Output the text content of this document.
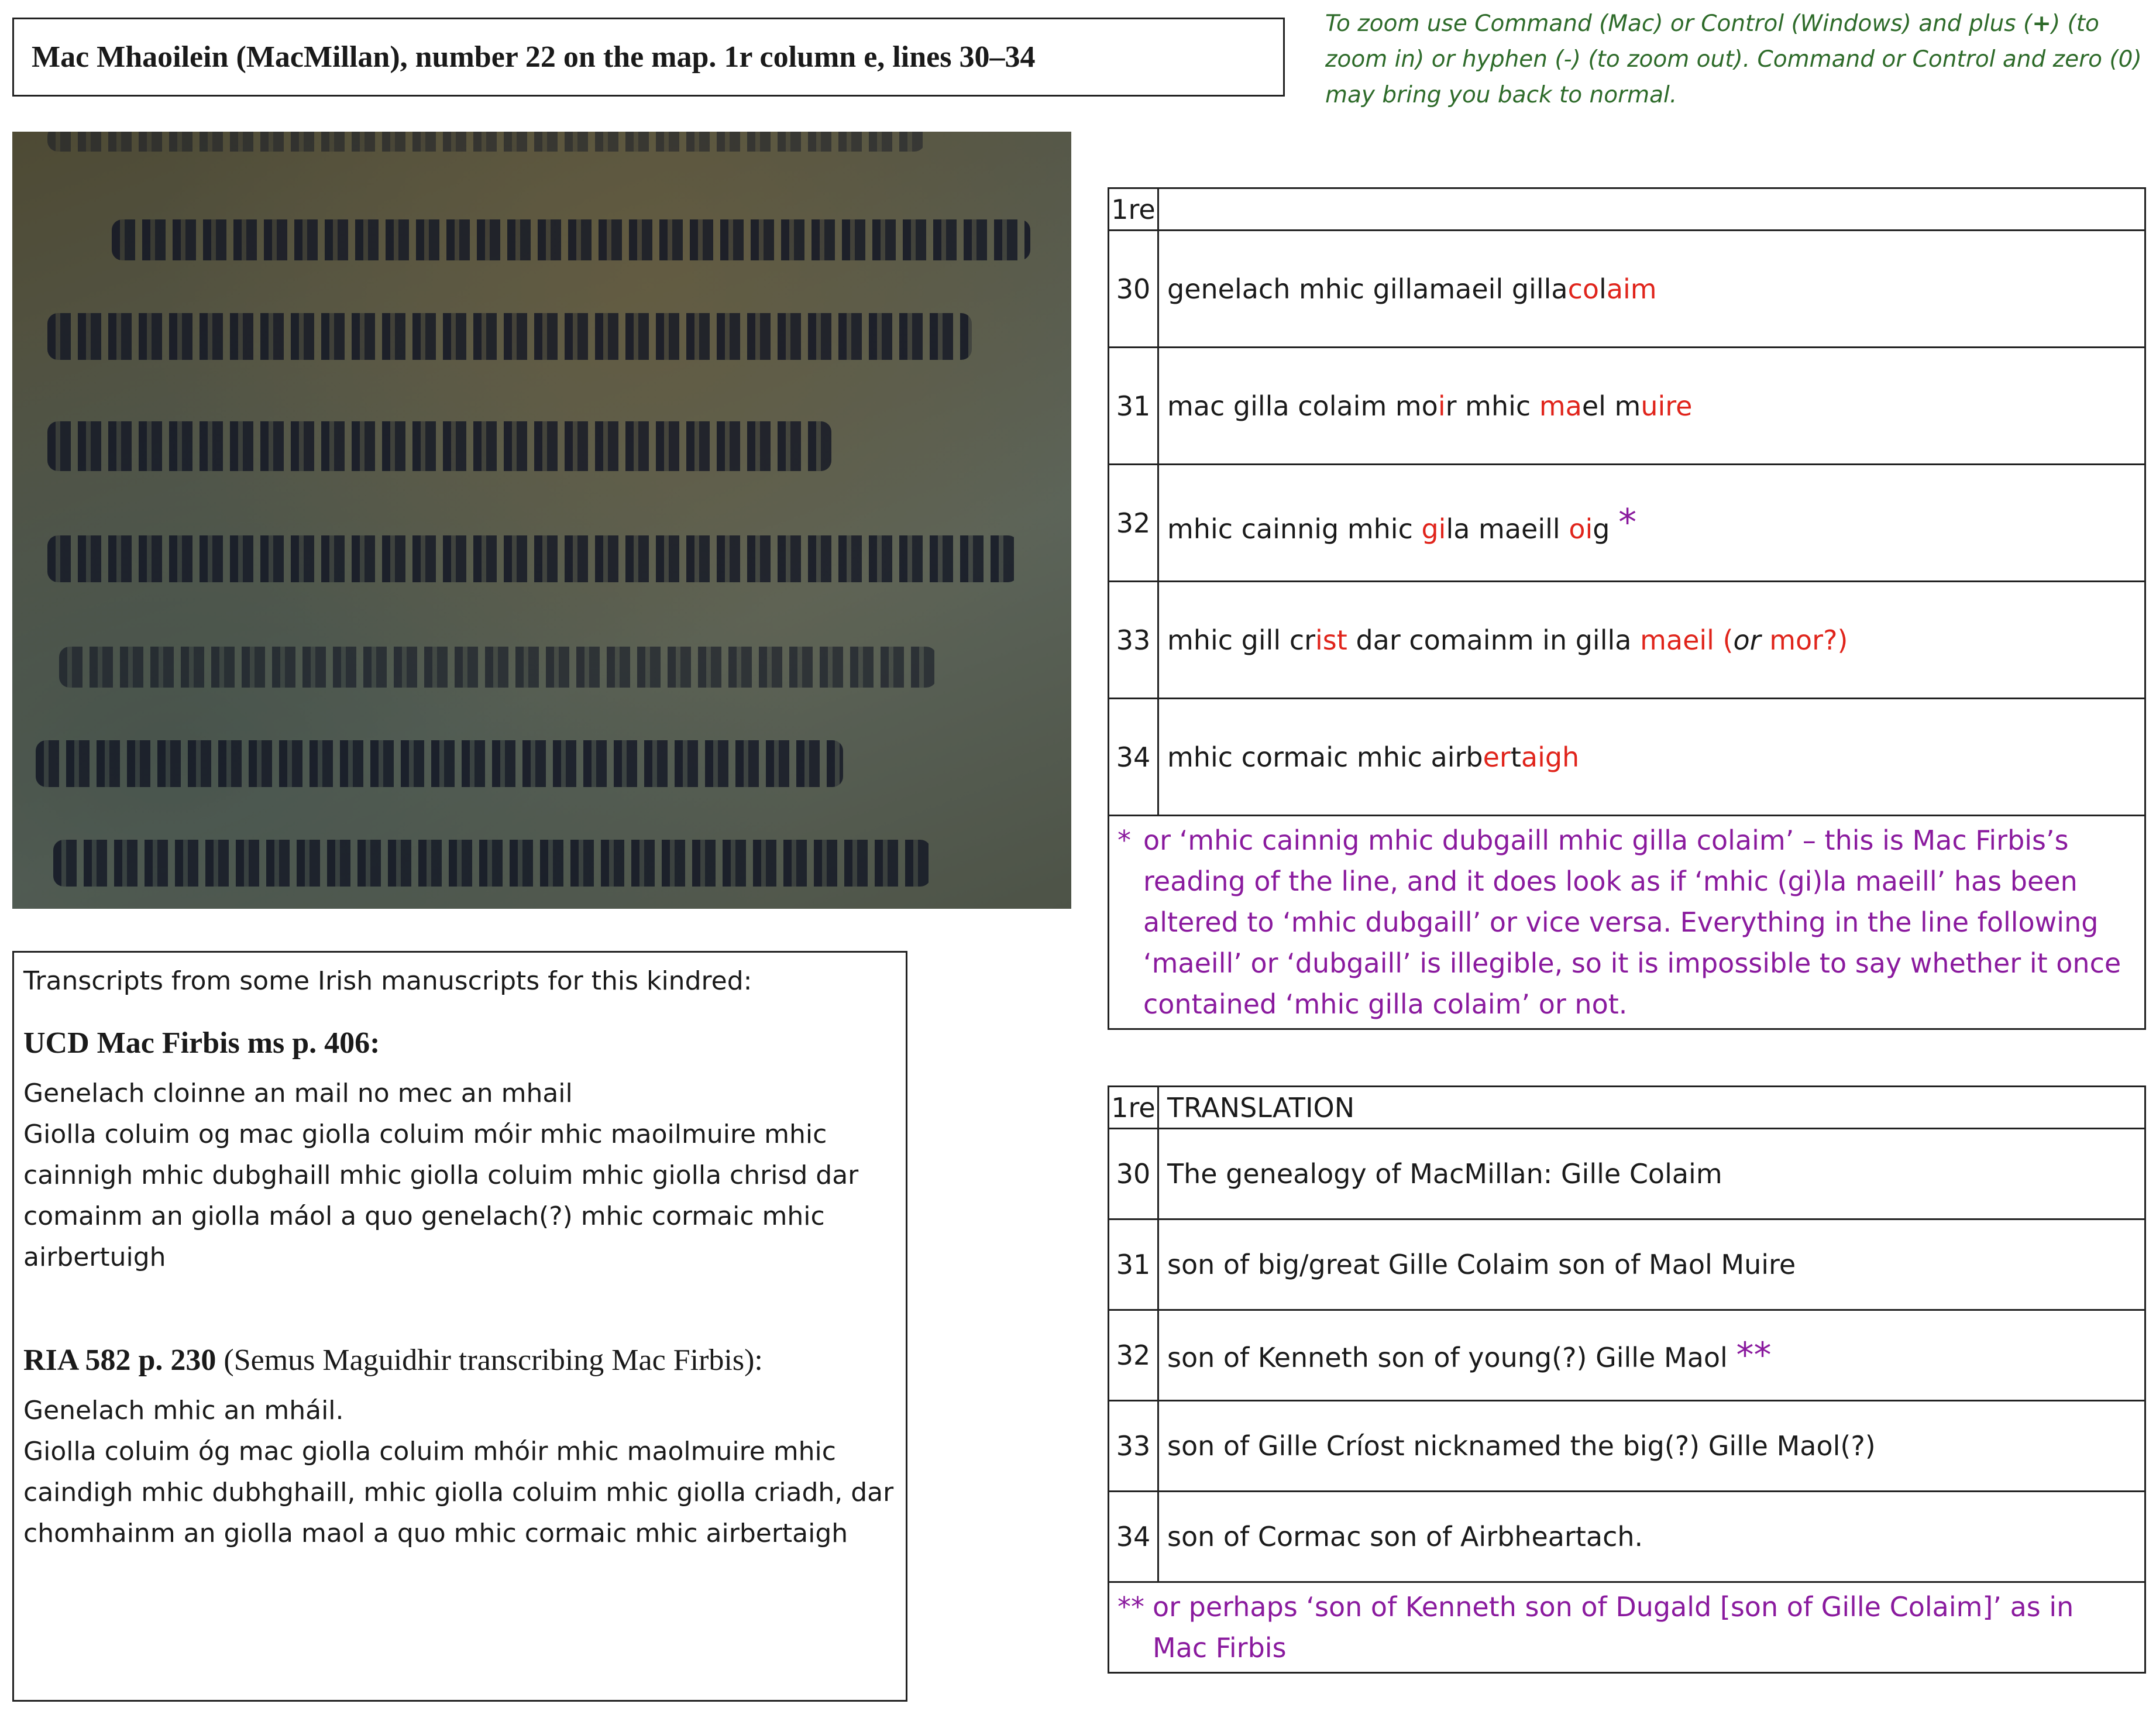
Mac Mhaoilein (MacMillan), number 22 on the map. 1r column e, lines 30–34
To zoom use Command (Mac) or Control (Windows) and plus (+) (to zoom in) or hyphen (-) (to zoom out). Command or Control and zero (0) may bring you back to normal.

Transcripts from some Irish manuscripts for this kindred:

UCD Mac Firbis ms p. 406:

Genelach cloinne an mail no mec an mhail

Giolla coluim og mac giolla coluim móir mhic maoilmuire mhic cainnigh mhic dubghaill mhic giolla coluim mhic giolla chrisd dar comainm an giolla máol a quo genelach(?) mhic cormaic mhic airbertuigh

RIA 582 p. 230 (Semus Maguidhir transcribing Mac Firbis):

Genelach mhic an mháil.

Giolla coluim óg mac giolla coluim mhóir mhic maolmuire mhic caindigh mhic dubhghaill, mhic giolla coluim mhic giolla criadh, dar chomhainm an giolla maol a quo mhic cormaic mhic airbertaigh

1re	
30	genelach mhic gillamaeil gillacolaim
31	mac gilla colaim moir mhic mael muire
32	mhic cainnig mhic gila maeill oig *
33	mhic gill crist dar comainm in gilla maeil (or mor?)
34	mhic cormaic mhic airbertaigh
* or ‘mhic cainnig mhic dubgaill mhic gilla colaim’ – this is Mac Firbis’s
reading of the line, and it does look as if ‘mhic (gi)la maeill’ has been altered to ‘mhic dubgaill’ or vice versa. Everything in the line following ‘maeill’ or ‘dubgaill’ is illegible, so it is impossible to say whether it once contained ‘mhic gilla colaim’ or not.	
1re	TRANSLATION
30	The genealogy of MacMillan: Gille Colaim
31	son of big/great Gille Colaim son of Maol Muire
32	son of Kenneth son of young(?) Gille Maol **
33	son of Gille Críost nicknamed the big(?) Gille Maol(?)
34	son of Cormac son of Airbheartach.
** or perhaps ‘son of Kenneth son of Dugald [son of Gille Colaim]’ as in
Mac Firbis	
